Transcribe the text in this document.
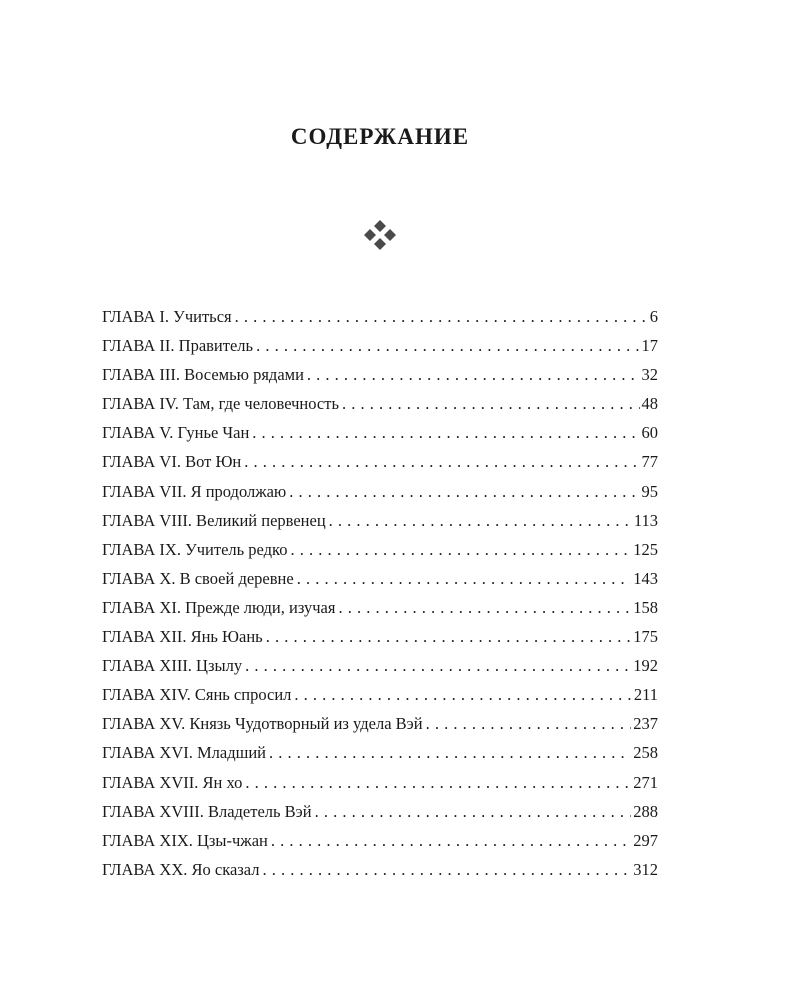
СОДЕРЖАНИЕ
ГЛАВА I. Учиться . . .	6
ГЛАВА II. Правитель . . .	17
ГЛАВА III. Восемью рядами . . .	32
ГЛАВА IV. Там, где человечность . . .	48
ГЛАВА V. Гунье Чан . . .	60
ГЛАВА VI. Вот Юн . . .	77
ГЛАВА VII. Я продолжаю . . .	95
ГЛАВА VIII. Великий первенец . . .	113
ГЛАВА IX. Учитель редко . . .	125
ГЛАВА X. В своей деревне . . .	143
ГЛАВА XI. Прежде люди, изучая . . .	158
ГЛАВА XII. Янь Юань . . .	175
ГЛАВА XIII. Цзылу . . .	192
ГЛАВА XIV. Сянь спросил . . .	211
ГЛАВА XV. Князь Чудотворный из удела Вэй . . .	237
ГЛАВА XVI. Младший . . .	258
ГЛАВА XVII. Ян хо . . .	271
ГЛАВА XVIII. Владетель Вэй . . .	288
ГЛАВА XIX. Цзы-чжан . . .	297
ГЛАВА XX. Яо сказал . . .	312
